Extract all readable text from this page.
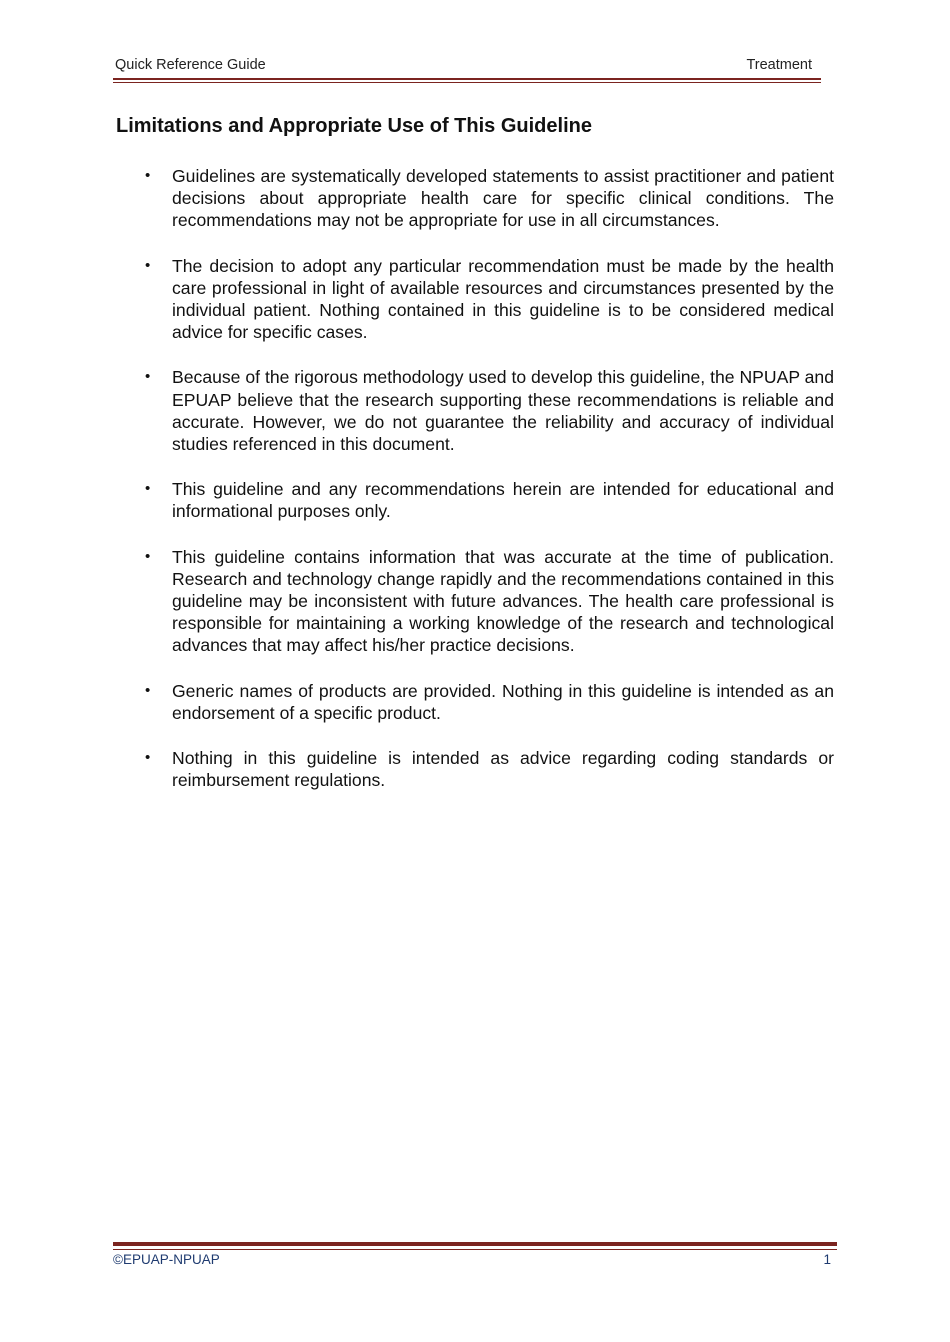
Quick Reference Guide	Treatment
Limitations and Appropriate Use of This Guideline
• Guidelines are systematically developed statements to assist practitioner and patient decisions about appropriate health care for specific clinical conditions. The recommendations may not be appropriate for use in all circumstances.
• The decision to adopt any particular recommendation must be made by the health care professional in light of available resources and circumstances presented by the individual patient. Nothing contained in this guideline is to be considered medical advice for specific cases.
• Because of the rigorous methodology used to develop this guideline, the NPUAP and EPUAP believe that the research supporting these recommendations is reliable and accurate. However, we do not guarantee the reliability and accuracy of individual studies referenced in this document.
• This guideline and any recommendations herein are intended for educational and informational purposes only.
• This guideline contains information that was accurate at the time of publication. Research and technology change rapidly and the recommendations contained in this guideline may be inconsistent with future advances. The health care professional is responsible for maintaining a working knowledge of the research and technological advances that may affect his/her practice decisions.
• Generic names of products are provided. Nothing in this guideline is intended as an endorsement of a specific product.
• Nothing in this guideline is intended as advice regarding coding standards or reimbursement regulations.
©EPUAP-NPUAP	1
